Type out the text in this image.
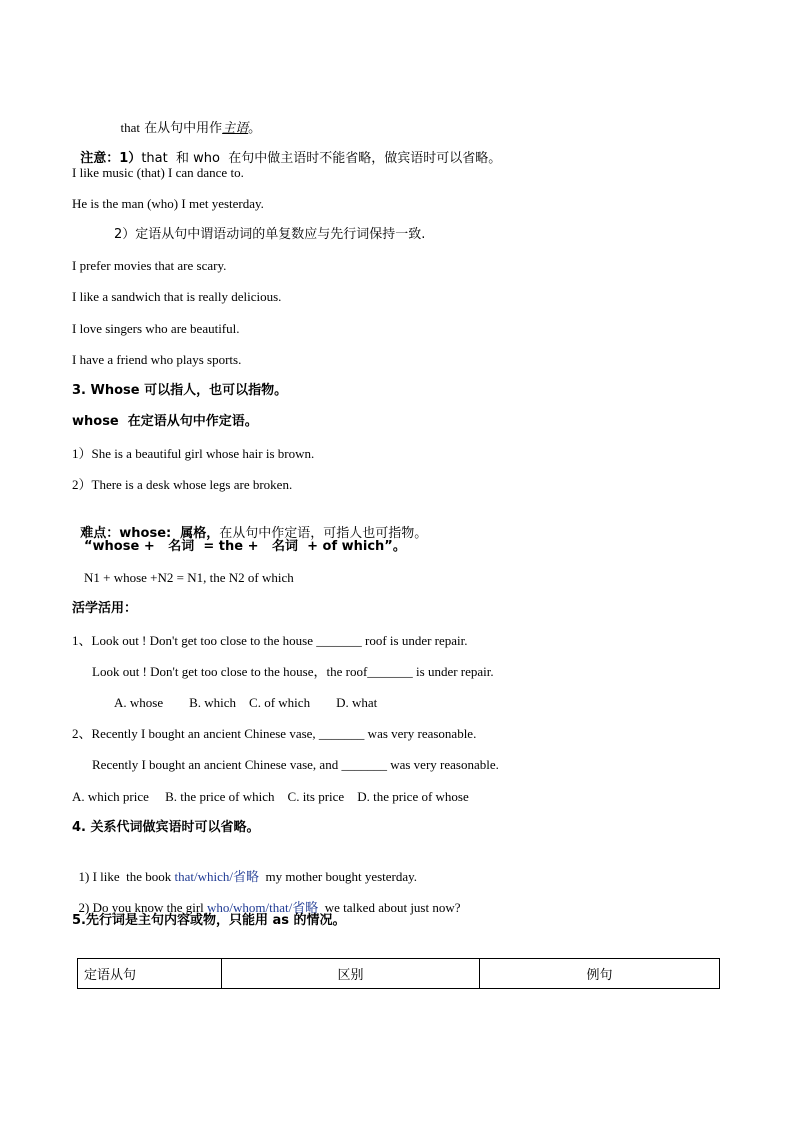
that 在从句中用作主语。

注意：1）that  和 who  在句中做主语时不能省略，做宾语时可以省略。

I like music (that) I can dance to.
He is the man (who) I met yesterday.
2）定语从句中谓语动词的单复数应与先行词保持一致.
I prefer movies that are scary.
I like a sandwich that is really delicious.
I love singers who are beautiful.
I have a friend who plays sports.
3. Whose 可以指人，也可以指物。
whose  在定语从句中作定语。
1）She is a beautiful girl whose hair is brown.
2）There is a desk whose legs are broken.

难点：whose:  属格，在从句中作定语，可指人也可指物。

“whose +   名词  = the +   名词  + of which”。
N1 + whose +N2 = N1, the N2 of which
活学活用：
1、Look out ! Don't get too close to the house _______ roof is under repair.
Look out ! Don't get too close to the house，the roof_______ is under repair.
A. whose        B. which    C. of which        D. what
2、Recently I bought an ancient Chinese vase, _______ was very reasonable.
Recently I bought an ancient Chinese vase, and _______ was very reasonable.
A. which price     B. the price of which    C. its price    D. the price of whose
4. 关系代词做宾语时可以省略。

1) I like  the book that/which/省略  my mother bought yesterday.

2) Do you know the girl who/whom/that/省略  we talked about just now?

5.先行词是主句内容或物，只能用 as 的情况。
定语从句	区别	例句
